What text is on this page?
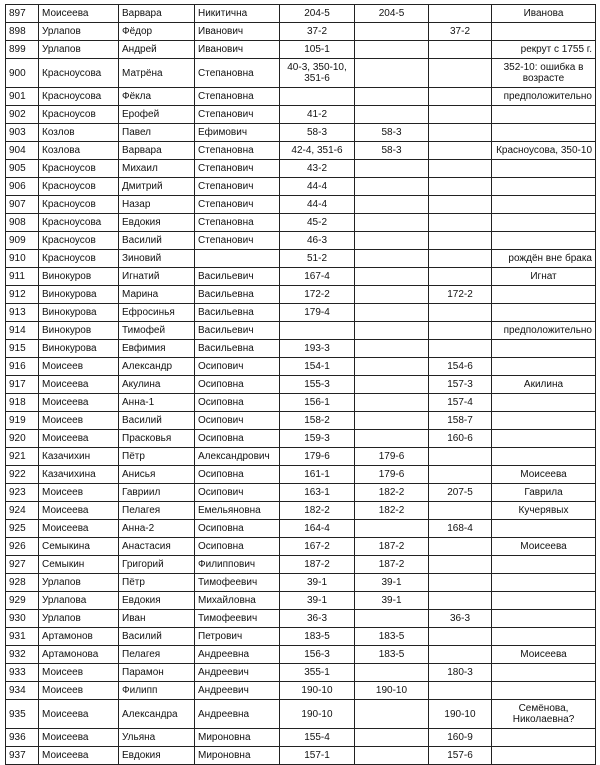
897	Моисеева	Варвара	Никитична	204-5	204-5		Иванова
898	Урлапов	Фёдор	Иванович	37-2		37-2	
899	Урлапов	Андрей	Иванович	105-1			рекрут с 1755 г.
900	Красноусова	Матрёна	Степановна	40-3, 350-10, 351-6			352-10: ошибка в возрасте
901	Красноусова	Фёкла	Степановна				предположительно
902	Красноусов	Ерофей	Степанович	41-2			
903	Козлов	Павел	Ефимович	58-3	58-3		
904	Козлова	Варвара	Степановна	42-4, 351-6	58-3		Красноусова, 350-10
905	Красноусов	Михаил	Степанович	43-2			
906	Красноусов	Дмитрий	Степанович	44-4			
907	Красноусов	Назар	Степанович	44-4			
908	Красноусова	Евдокия	Степановна	45-2			
909	Красноусов	Василий	Степанович	46-3			
910	Красноусов	Зиновий		51-2			рождён вне брака
911	Винокуров	Игнатий	Васильевич	167-4			Игнат
912	Винокурова	Марина	Васильевна	172-2		172-2	
913	Винокурова	Ефросинья	Васильевна	179-4			
914	Винокуров	Тимофей	Васильевич				предположительно
915	Винокурова	Евфимия	Васильевна	193-3			
916	Моисеев	Александр	Осипович	154-1		154-6	
917	Моисеева	Акулина	Осиповна	155-3		157-3	Акилина
918	Моисеева	Анна-1	Осиповна	156-1		157-4	
919	Моисеев	Василий	Осипович	158-2		158-7	
920	Моисеева	Прасковья	Осиповна	159-3		160-6	
921	Казачихин	Пётр	Александрович	179-6	179-6		
922	Казачихина	Анисья	Осиповна	161-1	179-6		Моисеева
923	Моисеев	Гавриил	Осипович	163-1	182-2	207-5	Гаврила
924	Моисеева	Пелагея	Емельяновна	182-2	182-2		Кучерявых
925	Моисеева	Анна-2	Осиповна	164-4		168-4	
926	Семыкина	Анастасия	Осиповна	167-2	187-2		Моисеева
927	Семыкин	Григорий	Филиппович	187-2	187-2		
928	Урлапов	Пётр	Тимофеевич	39-1	39-1		
929	Урлапова	Евдокия	Михайловна	39-1	39-1		
930	Урлапов	Иван	Тимофеевич	36-3		36-3	
931	Артамонов	Василий	Петрович	183-5	183-5		
932	Артамонова	Пелагея	Андреевна	156-3	183-5		Моисеева
933	Моисеев	Парамон	Андреевич	355-1		180-3	
934	Моисеев	Филипп	Андреевич	190-10	190-10		
935	Моисеева	Александра	Андреевна	190-10		190-10	Семёнова, Николаевна?
936	Моисеева	Ульяна	Мироновна	155-4		160-9	
937	Моисеева	Евдокия	Мироновна	157-1		157-6	
